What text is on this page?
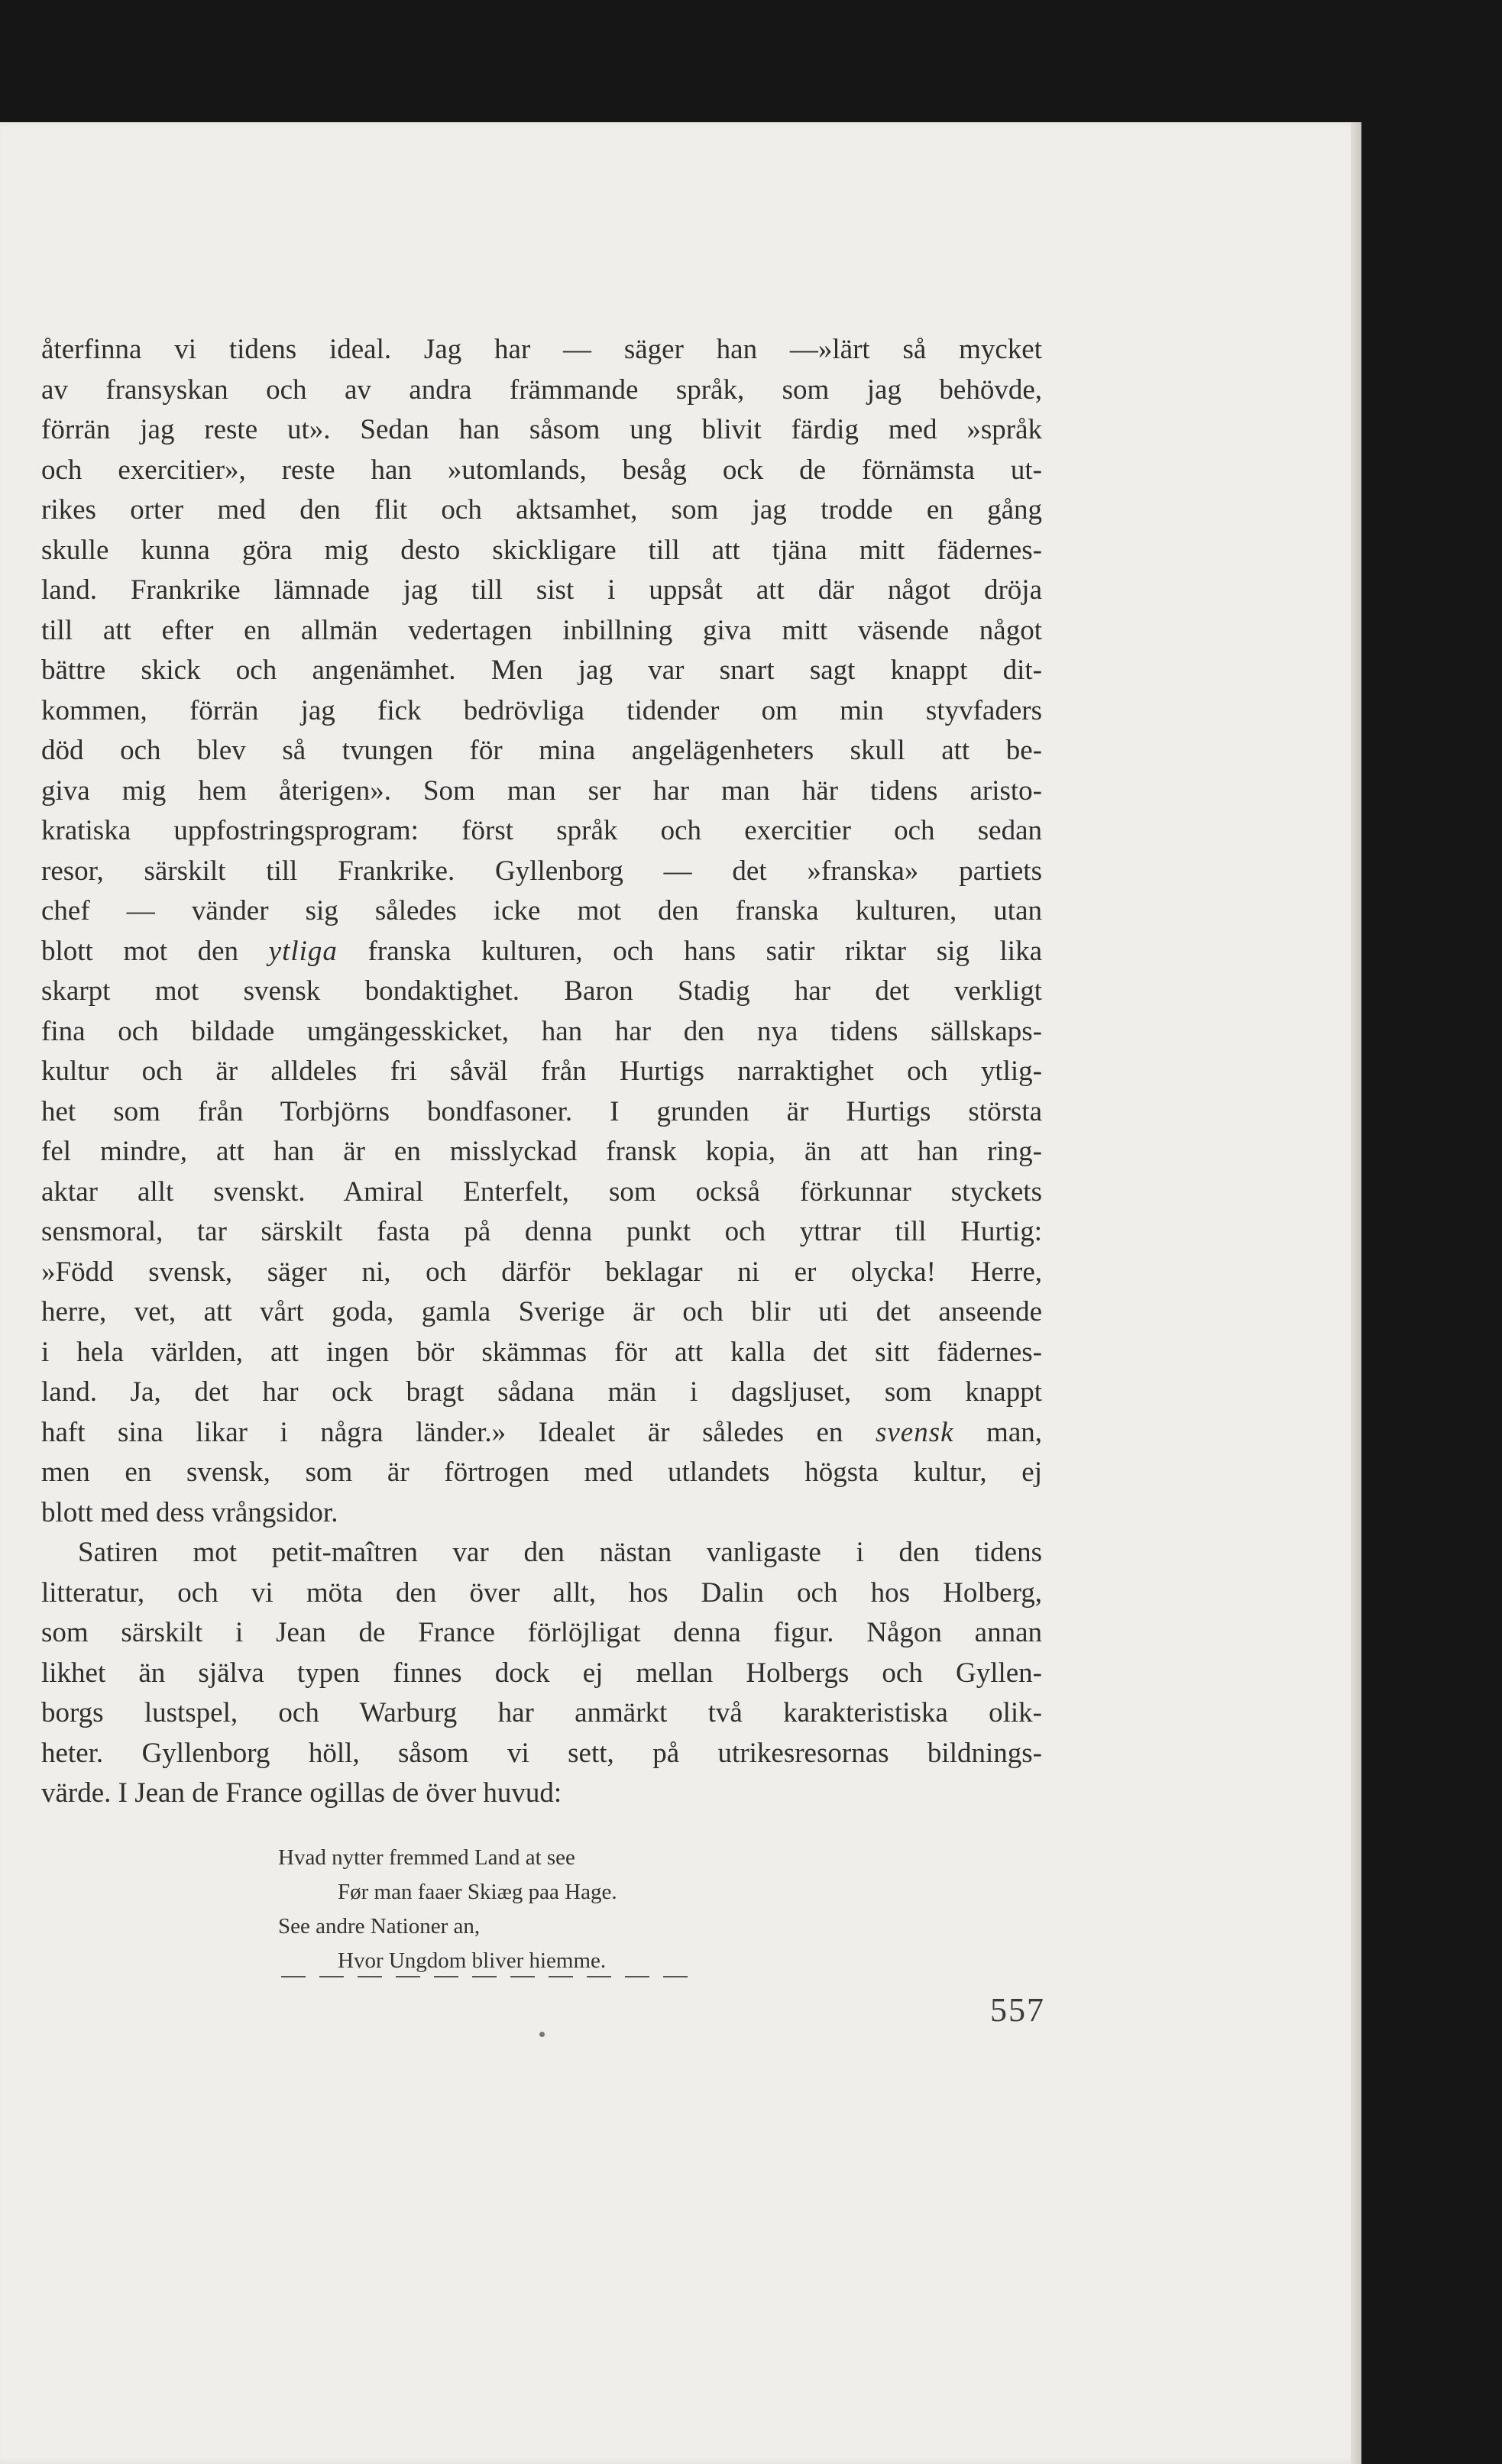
återfinna vi tidens ideal. Jag har — säger han —»lärt så mycket
av fransyskan och av andra främmande språk, som jag behövde,
förrän jag reste ut». Sedan han såsom ung blivit färdig med »språk
och exercitier», reste han »utomlands, besåg ock de förnämsta ut-
rikes orter med den flit och aktsamhet, som jag trodde en gång
skulle kunna göra mig desto skickligare till att tjäna mitt fädernes-
land. Frankrike lämnade jag till sist i uppsåt att där något dröja
till att efter en allmän vedertagen inbillning giva mitt väsende något
bättre skick och angenämhet. Men jag var snart sagt knappt dit-
kommen, förrän jag fick bedrövliga tidender om min styvfaders
död och blev så tvungen för mina angelägenheters skull att be-
giva mig hem återigen». Som man ser har man här tidens aristo-
kratiska uppfostringsprogram: först språk och exercitier och sedan
resor, särskilt till Frankrike. Gyllenborg — det »franska» partiets
chef — vänder sig således icke mot den franska kulturen, utan
blott mot den ytliga franska kulturen, och hans satir riktar sig lika
skarpt mot svensk bondaktighet. Baron Stadig har det verkligt
fina och bildade umgängesskicket, han har den nya tidens sällskaps-
kultur och är alldeles fri såväl från Hurtigs narraktighet och ytlig-
het som från Torbjörns bondfasoner. I grunden är Hurtigs största
fel mindre, att han är en misslyckad fransk kopia, än att han ring-
aktar allt svenskt. Amiral Enterfelt, som också förkunnar styckets
sensmoral, tar särskilt fasta på denna punkt och yttrar till Hurtig:
»Född svensk, säger ni, och därför beklagar ni er olycka! Herre,
herre, vet, att vårt goda, gamla Sverige är och blir uti det anseende
i hela världen, att ingen bör skämmas för att kalla det sitt fädernes-
land. Ja, det har ock bragt sådana män i dagsljuset, som knappt
haft sina likar i några länder.» Idealet är således en svensk man,
men en svensk, som är förtrogen med utlandets högsta kultur, ej
blott med dess vrångsidor.
Satiren mot petit-maîtren var den nästan vanligaste i den tidens
litteratur, och vi möta den över allt, hos Dalin och hos Holberg,
som särskilt i Jean de France förlöjligat denna figur. Någon annan
likhet än själva typen finnes dock ej mellan Holbergs och Gyllen-
borgs lustspel, och Warburg har anmärkt två karakteristiska olik-
heter. Gyllenborg höll, såsom vi sett, på utrikesresornas bildnings-
värde. I Jean de France ogillas de över huvud:
Hvad nytter fremmed Land at see
Før man faaer Skiæg paa Hage.
See andre Nationer an,
Hvor Ungdom bliver hiemme.
557
